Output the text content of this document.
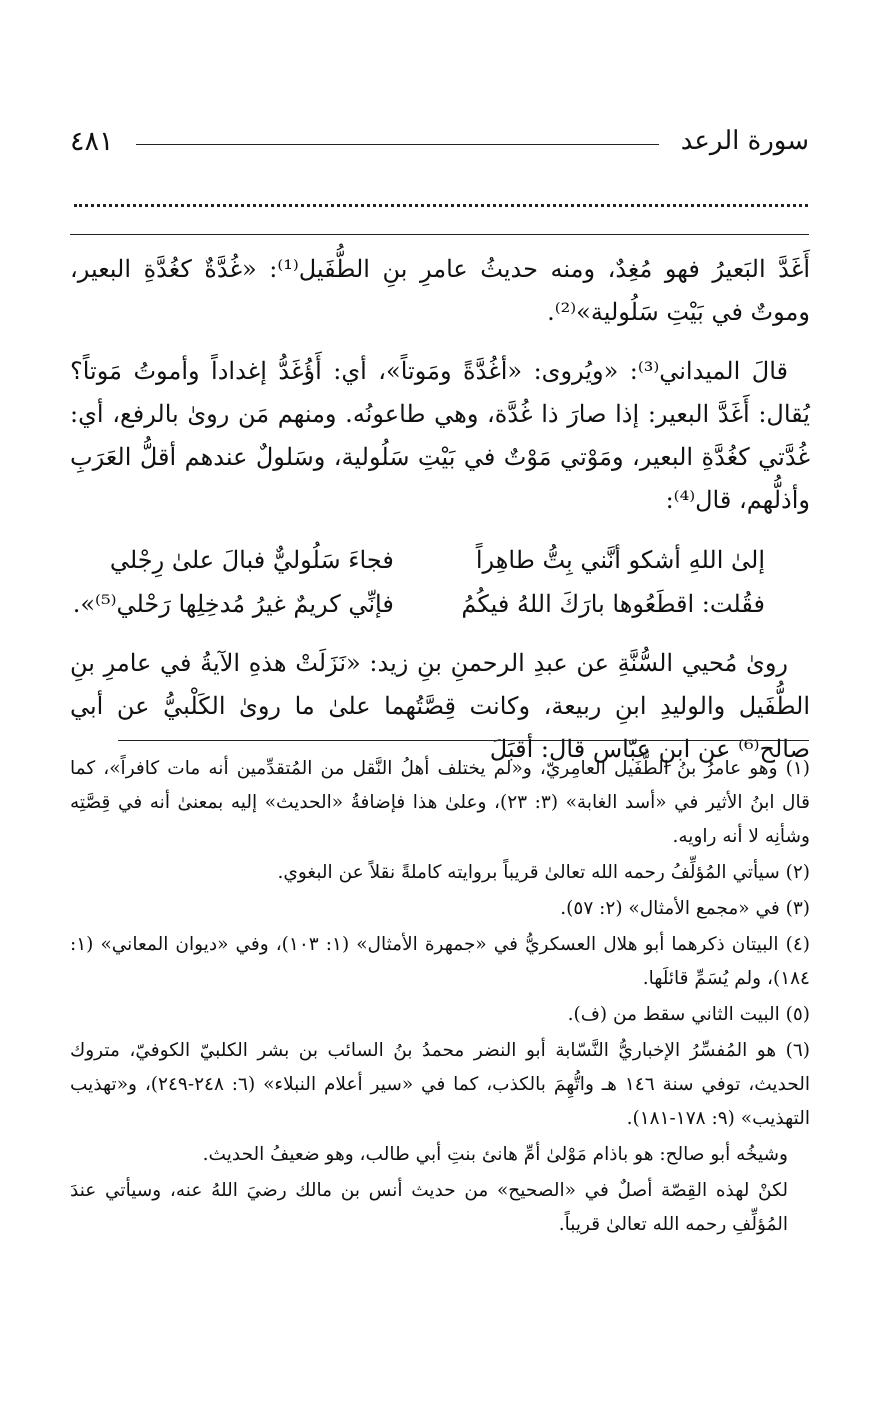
سورة الرعد
٤٨١

أَغَدَّ البَعيرُ فهو مُغِدٌ، ومنه حديثُ عامرِ بنِ الطُّفَيل⁽¹⁾: «غُدَّةٌ كغُدَّةِ البعير، وموتٌ في بَيْتِ سَلُولية»⁽²⁾.

قالَ الميداني⁽³⁾: «ويُروى: «أغُدَّةً ومَوتاً»، أي: أَؤُغَدُّ إغداداً وأموتُ مَوتاً؟ يُقال: أَغَدَّ البعير: إذا صارَ ذا غُدَّة، وهي طاعونُه. ومنهم مَن روىٰ بالرفع، أي: غُدَّتي كغُدَّةِ البعير، ومَوْتي مَوْتٌ في بَيْتِ سَلُولية، وسَلولٌ عندهم أقلُّ العَرَبِ وأذلُّهم، قال⁽⁴⁾:

إلىٰ اللهِ أشكو أنَّني بِتُّ طاهِراً
فجاءَ سَلُوليٌّ فبالَ علىٰ رِجْلي
فقُلت: اقطَعُوها بارَكَ اللهُ فيكُمُ
فإنِّي كريمٌ غيرُ مُدخِلِها رَحْلي⁽⁵⁾».

روىٰ مُحيي السُّنَّةِ عن عبدِ الرحمنِ بنِ زيد: «نَزَلَتْ هذهِ الآيةُ في عامرِ بنِ الطُّفَيل والوليدِ ابنِ ربيعة، وكانت قِصَّتُهما علىٰ ما روىٰ الكَلْبيُّ عن أبي صالح⁽⁶⁾ عن ابنِ عبّاس قال: أقبَلَ

(١) وهو عامرُ بنُ الطُّفَيل العامِريّ، و«لم يختلف أهلُ النَّقل من المُتقدِّمين أنه مات كافراً»، كما قال ابنُ الأثير في «أسد الغابة» (٣: ٢٣)، وعلىٰ هذا فإضافةُ «الحديث» إليه بمعنىٰ أنه في قِصَّتِه وشأنِه لا أنه راويه.

(٢) سيأتي المُؤلِّفُ رحمه الله تعالىٰ قريباً بروايته كاملةً نقلاً عن البغوي.

(٣) في «مجمع الأمثال» (٢: ٥٧).

(٤) البيتان ذكرهما أبو هلال العسكريُّ في «جمهرة الأمثال» (١: ١٠٣)، وفي «ديوان المعاني» (١: ١٨٤)، ولم يُسَمِّ قائلَها.

(٥) البيت الثاني سقط من (ف).

(٦) هو المُفسِّرُ الإخباريُّ النَّسّابة أبو النضر محمدُ بنُ السائب بن بشر الكلبيّ الكوفيّ، متروك الحديث، توفي سنة ١٤٦ هـ واتُّهِمَ بالكذب، كما في «سير أعلام النبلاء» (٦: ٢٤٨-٢٤٩)، و«تهذيب التهذيب» (٩: ١٧٨-١٨١).

وشيخُه أبو صالح: هو باذام مَوْلىٰ أمِّ هانئ بنتِ أبي طالب، وهو ضعيفُ الحديث.

لكنْ لهذه القِصّة أصلٌ في «الصحيح» من حديث أنس بن مالك رضيَ اللهُ عنه، وسيأتي عندَ المُؤلِّفِ رحمه الله تعالىٰ قريباً.
